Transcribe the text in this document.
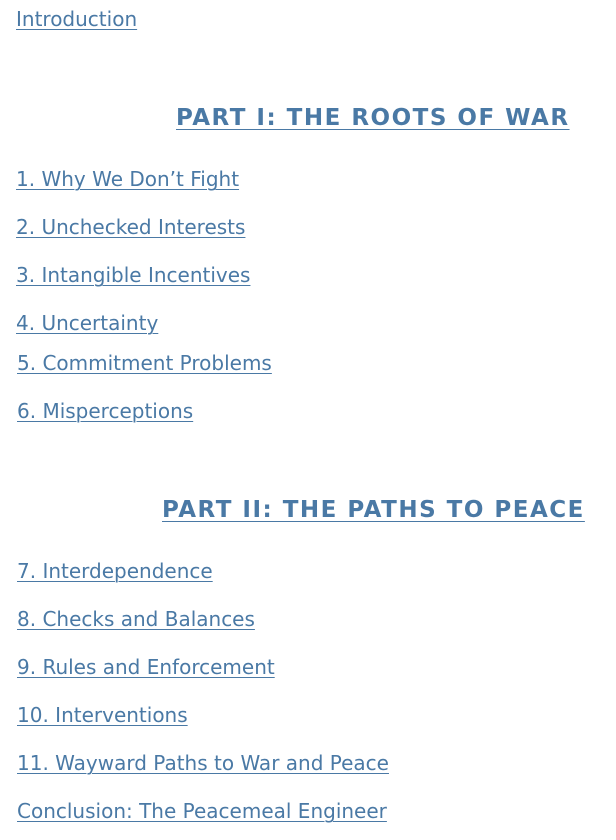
Introduction
PART I: THE ROOTS OF WAR
1. Why We Don’t Fight
2. Unchecked Interests
3. Intangible Incentives
4. Uncertainty
5. Commitment Problems
6. Misperceptions
PART II: THE PATHS TO PEACE
7. Interdependence
8. Checks and Balances
9. Rules and Enforcement
10. Interventions
11. Wayward Paths to War and Peace
Conclusion: The Peacemeal Engineer
